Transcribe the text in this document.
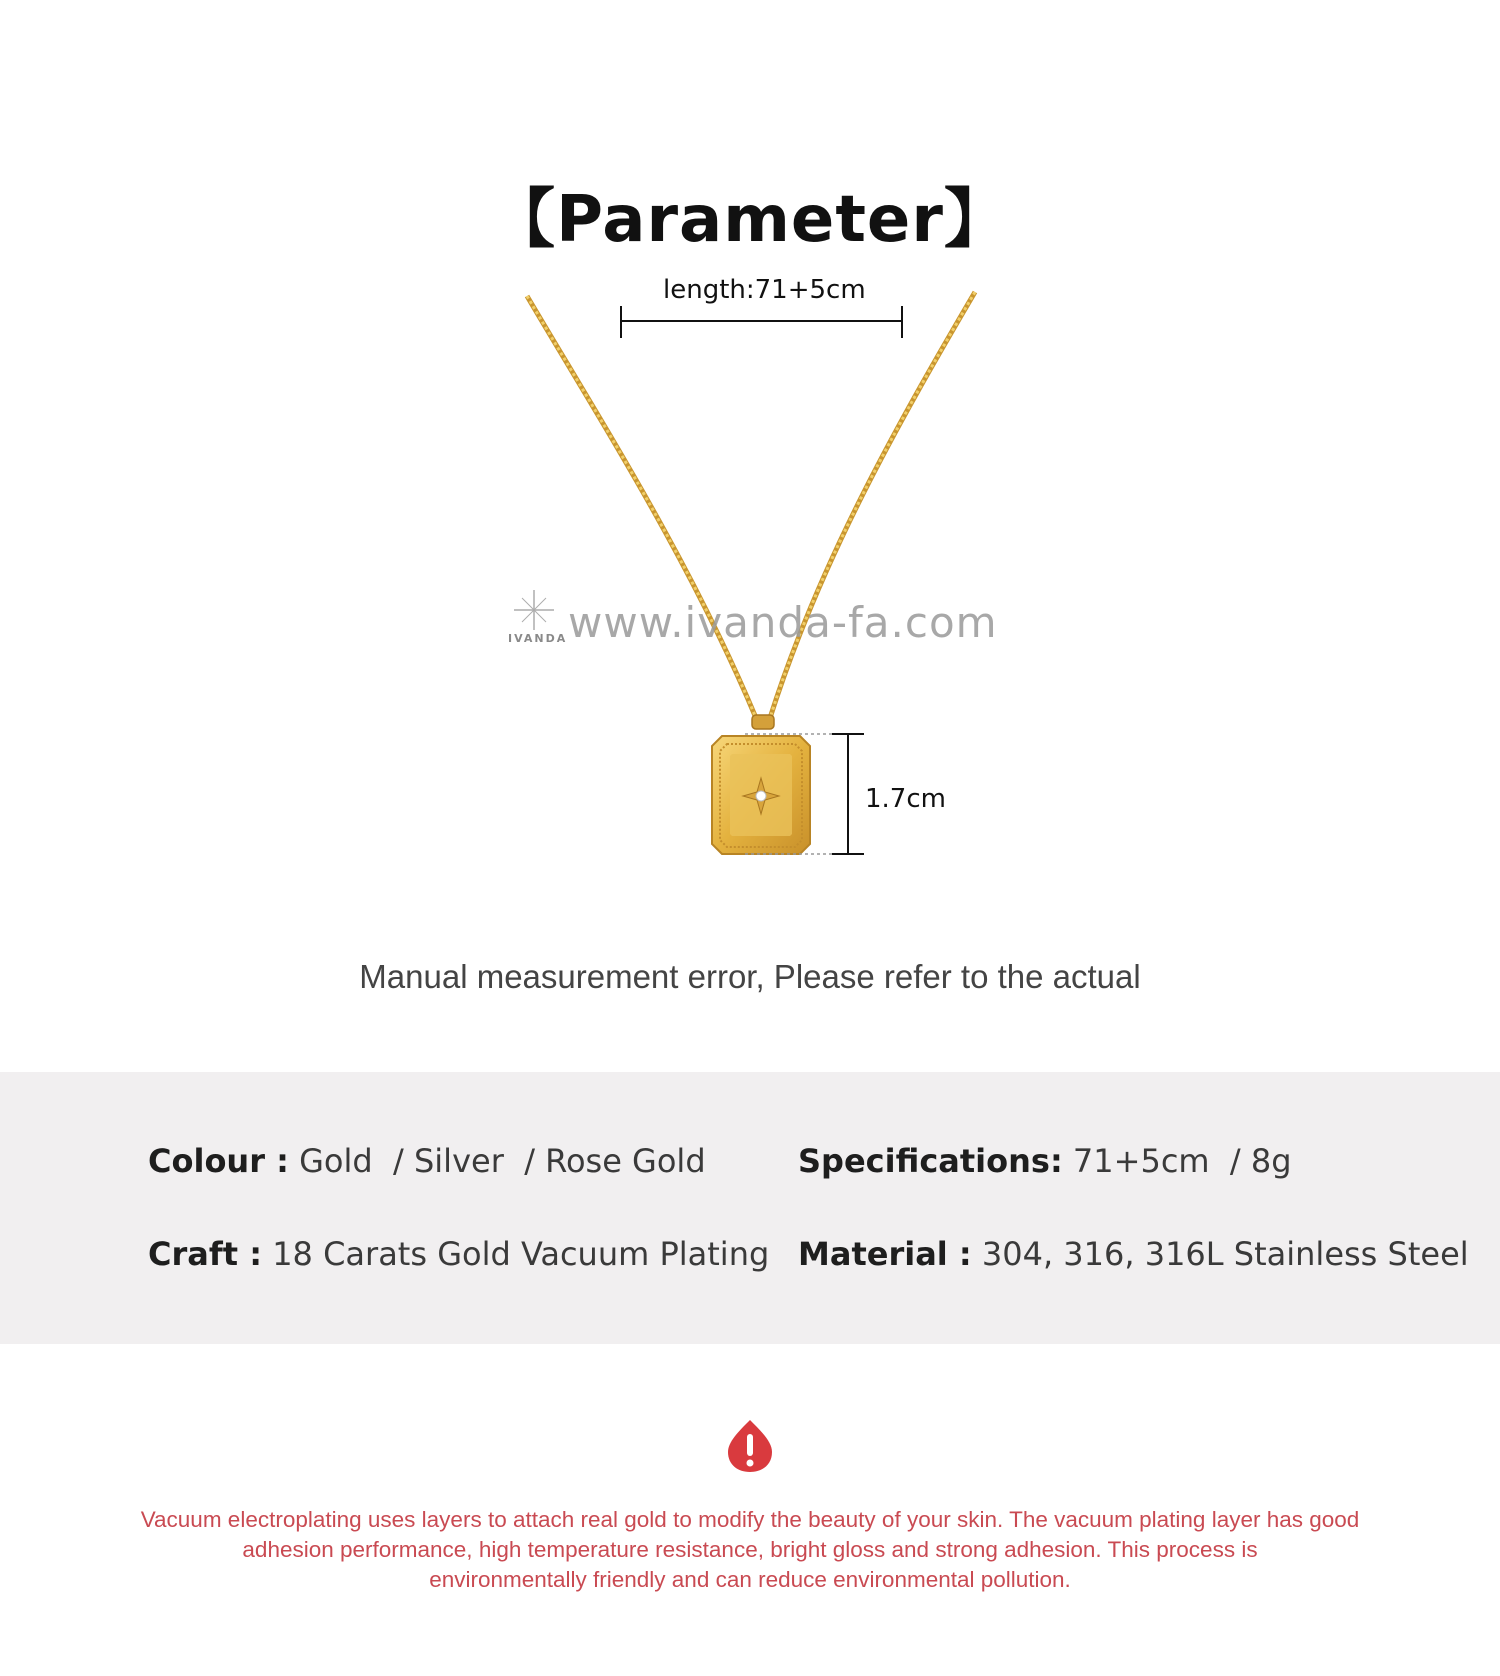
【Parameter】
length:71+5cm
1.7cm
www.ivanda-fa.com
IVANDA
Manual measurement error, Please refer to the actual
Colour : Gold  / Silver  / Rose Gold	Specifications: 71+5cm  / 8g
Craft : 18 Carats Gold Vacuum Plating Material : 304, 316, 316L Stainless Steel
Vacuum electroplating uses layers to attach real gold to modify the beauty of your skin. The vacuum plating layer has good
adhesion performance, high temperature resistance, bright gloss and strong adhesion. This process is
environmentally friendly and can reduce environmental pollution.
